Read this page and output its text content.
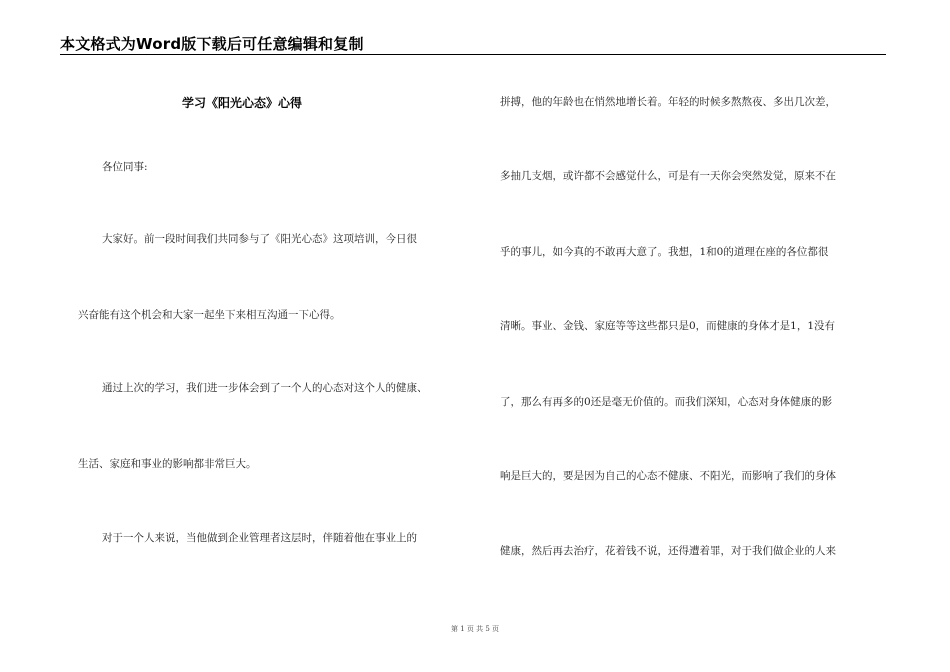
本文格式为Word版下载后可任意编辑和复制
学习《阳光心态》心得
各位同事:
大家好。前一段时间我们共同参与了《阳光心态》这项培训，今日很
兴奋能有这个机会和大家一起坐下来相互沟通一下心得。
通过上次的学习，我们进一步体会到了一个人的心态对这个人的健康、
生活、家庭和事业的影响都非常巨大。
对于一个人来说，当他做到企业管理者这层时，伴随着他在事业上的
拼搏，他的年龄也在悄然地增长着。年轻的时候多熬熬夜、多出几次差，
多抽几支烟，或许都不会感觉什么，可是有一天你会突然发觉，原来不在
乎的事儿，如今真的不敢再大意了。我想，1和0的道理在座的各位都很
清晰。事业、金钱、家庭等等这些都只是0，而健康的身体才是1，1没有
了，那么有再多的0还是毫无价值的。而我们深知，心态对身体健康的影
响是巨大的，要是因为自己的心态不健康、不阳光，而影响了我们的身体
健康，然后再去治疗，花着钱不说，还得遭着罪，对于我们做企业的人来
第 1 页 共 5 页
